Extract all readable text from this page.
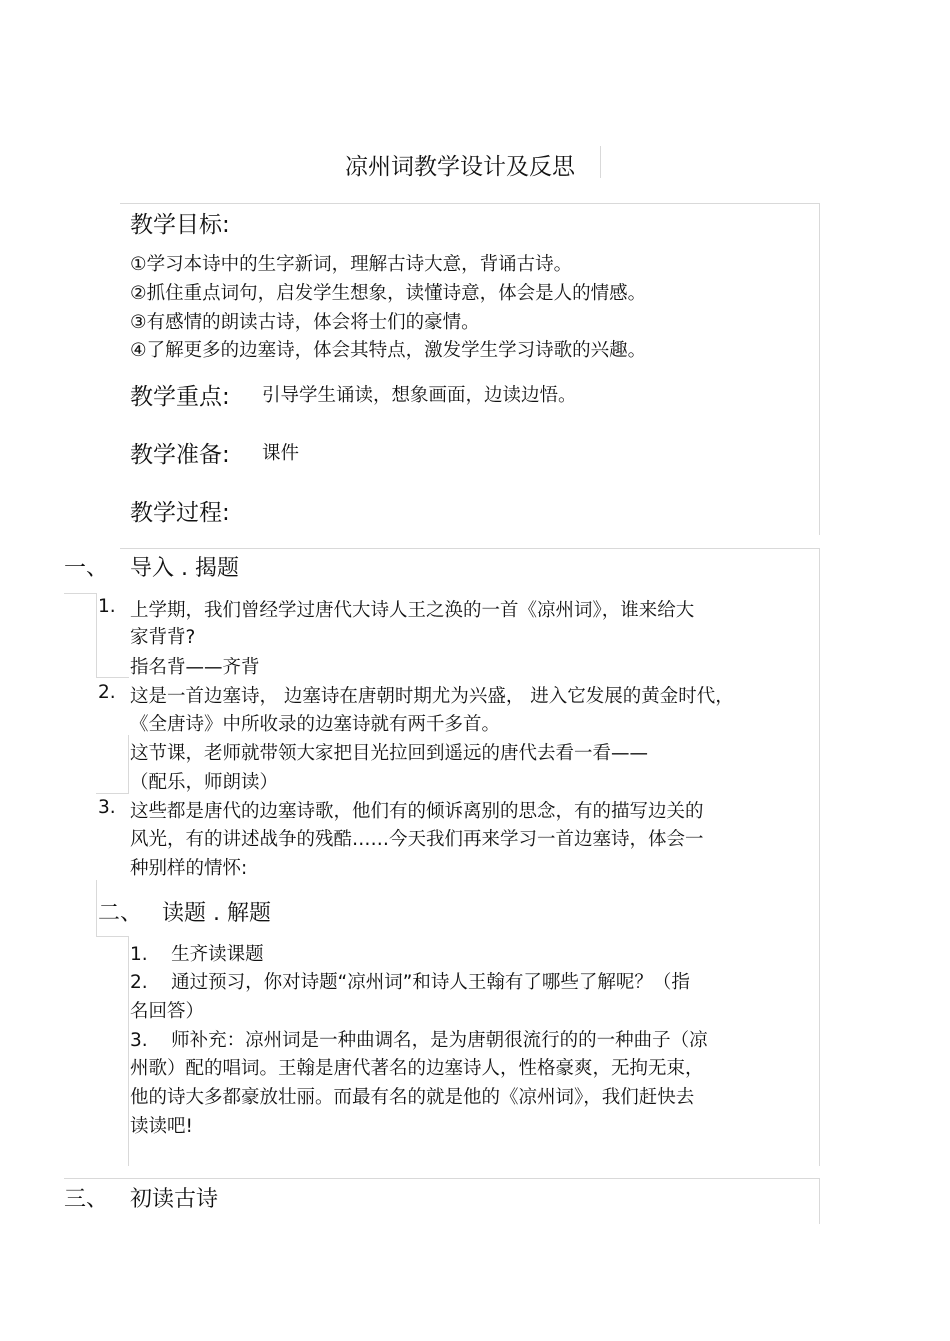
凉州词教学设计及反思
教学目标:
①学习本诗中的生字新词，理解古诗大意，背诵古诗。
②抓住重点词句，启发学生想象，读懂诗意，体会是人的情感。
③有感情的朗读古诗，体会将士们的豪情。
④了解更多的边塞诗，体会其特点，激发学生学习诗歌的兴趣。
教学重点: 引导学生诵读，想象画面，边读边悟。
教学准备: 课件
教学过程:
一、 导入 . 揭题
1. 上学期，我们曾经学过唐代大诗人王之涣的一首《凉州词》，谁来给大
家背背?
指名背——齐背
2. 这是一首边塞诗， 边塞诗在唐朝时期尤为兴盛， 进入它发展的黄金时代，
《全唐诗》中所收录的边塞诗就有两千多首。
这节课，老师就带领大家把目光拉回到遥远的唐代去看一看——
（配乐，师朗读）
3. 这些都是唐代的边塞诗歌，他们有的倾诉离别的思念，有的描写边关的
风光，有的讲述战争的残酷……今天我们再来学习一首边塞诗，体会一
种别样的情怀:
二、 读题 . 解题
1.    生齐读课题
2.    通过预习，你对诗题“凉州词”和诗人王翰有了哪些了解呢？（指
名回答）
3.    师补充：凉州词是一种曲调名，是为唐朝很流行的的一种曲子（凉
州歌）配的唱词。王翰是唐代著名的边塞诗人，性格豪爽，无拘无束，
他的诗大多都豪放壮丽。而最有名的就是他的《凉州词》，我们赶快去
读读吧!
三、 初读古诗
